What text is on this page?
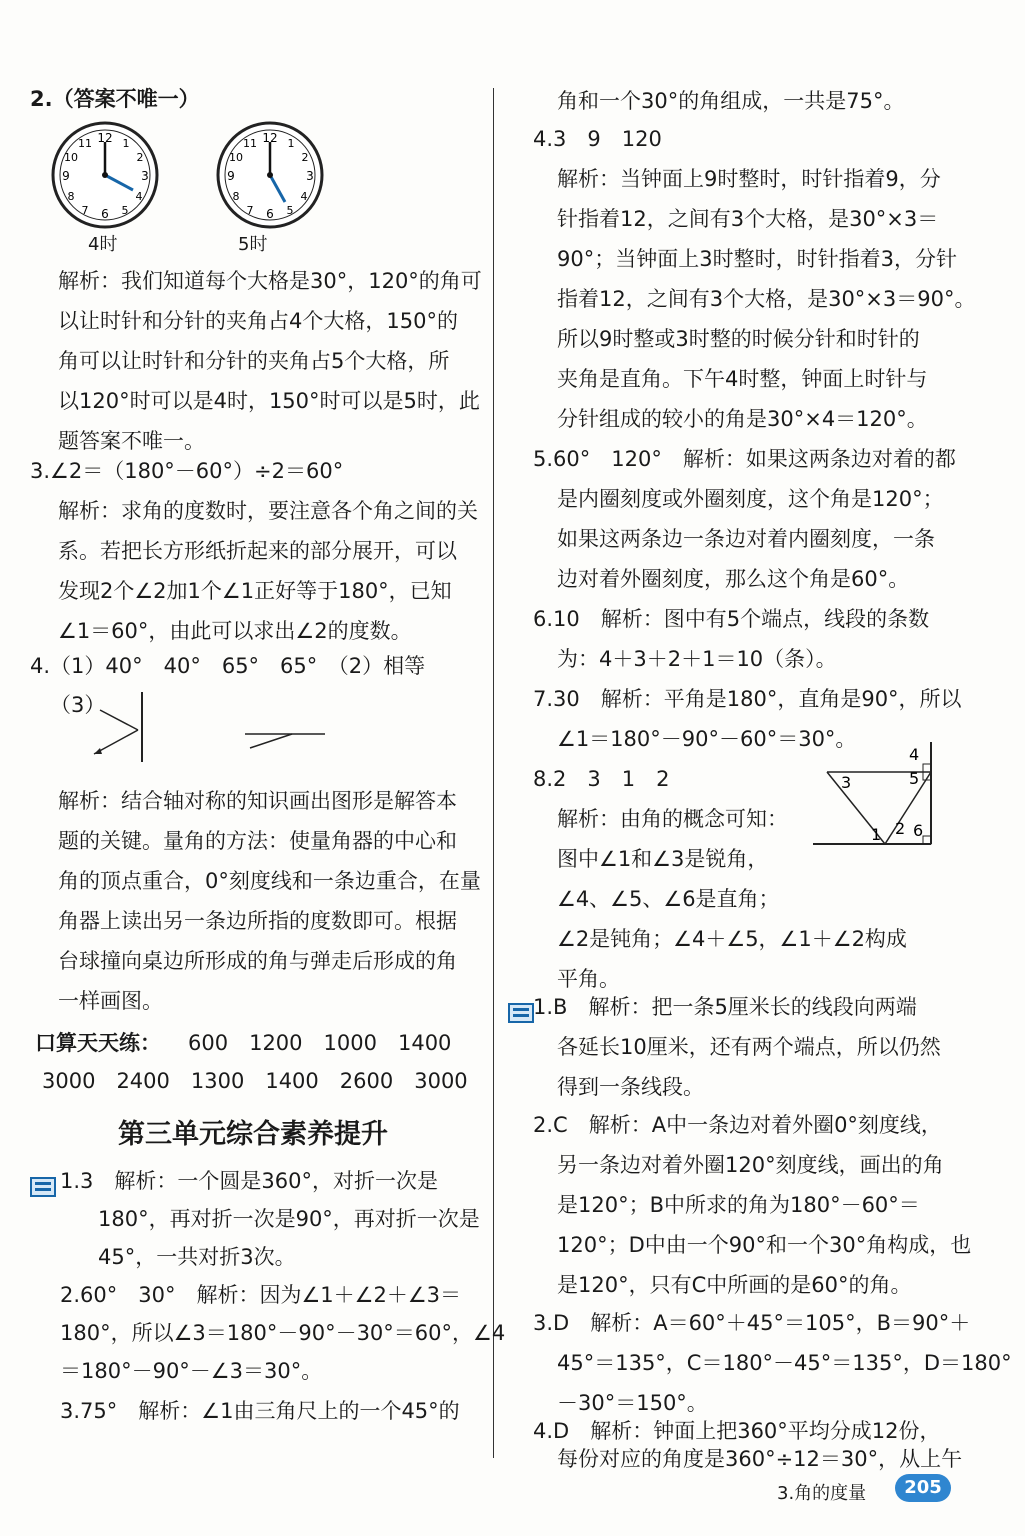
2.（答案不唯一）
12
6
3
9
1
2
4
5
7
8
10
11	12
6
3
9
1
2
4
5
7
8
10
11
4时	5时
解析：我们知道每个大格是30°，120°的角可
以让时针和分针的夹角占4个大格，150°的
角可以让时针和分针的夹角占5个大格，所
以120°时可以是4时，150°时可以是5时，此
题答案不唯一。
3.∠2＝（180°－60°）÷2＝60°
解析：求角的度数时，要注意各个角之间的关
系。若把长方形纸折起来的部分展开，可以
发现2个∠2加1个∠1正好等于180°，已知
∠1＝60°，由此可以求出∠2的度数。
4.（1）40°　40°　65°　65°　（2）相等
（3）
解析：结合轴对称的知识画出图形是解答本
题的关键。量角的方法：使量角器的中心和
角的顶点重合，0°刻度线和一条边重合，在量
角器上读出另一条边所指的度数即可。根据
台球撞向桌边所形成的角与弹走后形成的角
一样画图。
口算天天练： 600　1200　1000　1400
3000　2400　1300　1400　2600　3000
第三单元综合素养提升
1.3　解析：一个圆是360°，对折一次是
180°，再对折一次是90°，再对折一次是
45°，一共对折3次。
2.60°　30°　解析：因为∠1＋∠2＋∠3＝
180°，所以∠3＝180°－90°－30°＝60°，∠4
＝180°－90°－∠3＝30°。
3.75°　解析：∠1由三角尺上的一个45°的
角和一个30°的角组成，一共是75°。
4.3　9　120
解析：当钟面上9时整时，时针指着9，分
针指着12，之间有3个大格，是30°×3＝
90°；当钟面上3时整时，时针指着3，分针
指着12，之间有3个大格，是30°×3＝90°。
所以9时整或3时整的时候分针和时针的
夹角是直角。下午4时整，钟面上时针与
分针组成的较小的角是30°×4＝120°。
5.60°　120°　解析：如果这两条边对着的都
是内圈刻度或外圈刻度，这个角是120°；
如果这两条边一条边对着内圈刻度，一条
边对着外圈刻度，那么这个角是60°。
6.10　解析：图中有5个端点，线段的条数
为：4＋3＋2＋1＝10（条）。
7.30　解析：平角是180°，直角是90°，所以
∠1＝180°－90°－60°＝30°。
8.2　3　1　2
解析：由角的概念可知：
图中∠1和∠3是锐角，
∠4、∠5、∠6是直角；
∠2是钝角；∠4＋∠5，∠1＋∠2构成
平角。
4
5
3
1 2 6
1.B　解析：把一条5厘米长的线段向两端
各延长10厘米，还有两个端点，所以仍然
得到一条线段。
2.C　解析：A中一条边对着外圈0°刻度线，
另一条边对着外圈120°刻度线，画出的角
是120°；B中所求的角为180°－60°＝
120°；D中由一个90°和一个30°角构成，也
是120°，只有C中所画的是60°的角。
3.D　解析：A＝60°＋45°＝105°，B＝90°＋
45°＝135°，C＝180°－45°＝135°，D＝180°
－30°＝150°。
4.D　解析：钟面上把360°平均分成12份，
每份对应的角度是360°÷12＝30°，从上午
3.角的度量	205
